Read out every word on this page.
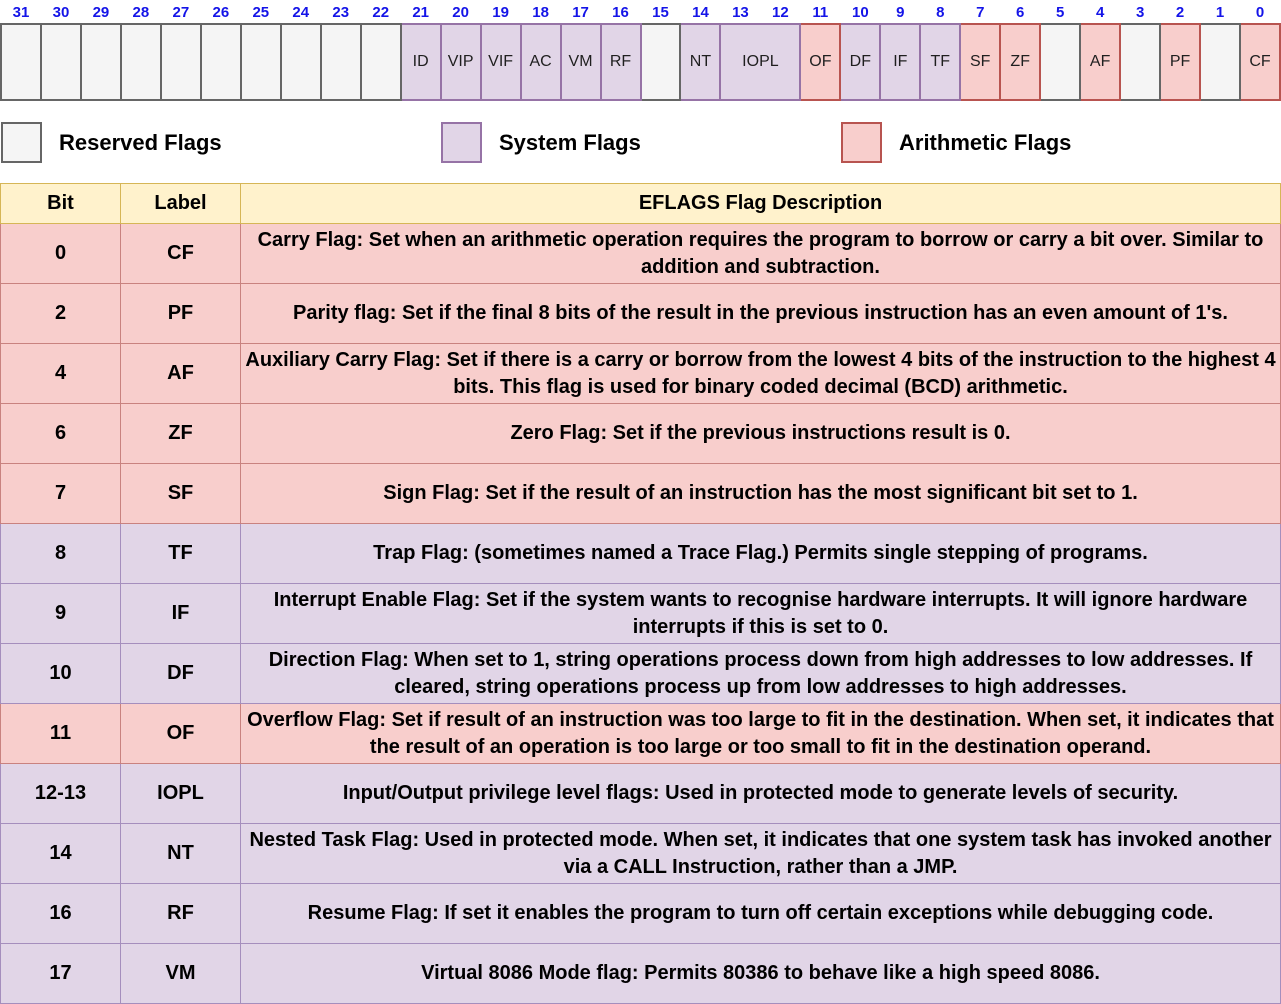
31	30	29	28	27	26	25	24	23	22	21	20	19	18	17	16	15	14	13	12	11	10	9	8	7	6	5	4	3	2	1	0
										ID	VIP	VIF	AC	VM	RF		NT	IOPL		OF	DF	IF	TF	SF	ZF		AF		PF		CF
Reserved Flags	System Flags	Arithmetic Flags
Bit	Label	EFLAGS Flag Description
0	CF	Carry Flag: Set when an arithmetic operation requires the program to borrow or carry a bit over. Similar to addition and subtraction.
2	PF	Parity flag: Set if the final 8 bits of the result in the previous instruction has an even amount of 1's.
4	AF	Auxiliary Carry Flag: Set if there is a carry or borrow from the lowest 4 bits of the instruction to the highest 4 bits. This flag is used for binary coded decimal (BCD) arithmetic.
6	ZF	Zero Flag: Set if the previous instructions result is 0.
7	SF	Sign Flag: Set if the result of an instruction has the most significant bit set to 1.
8	TF	Trap Flag: (sometimes named a Trace Flag.) Permits single stepping of programs.
9	IF	Interrupt Enable Flag: Set if the system wants to recognise hardware interrupts. It will ignore hardware interrupts if this is set to 0.
10	DF	Direction Flag: When set to 1, string operations process down from high addresses to low addresses. If cleared, string operations process up from low addresses to high addresses.
11	OF	Overflow Flag: Set if result of an instruction was too large to fit in the destination. When set, it indicates that the result of an operation is too large or too small to fit in the destination operand.
12-13	IOPL	Input/Output privilege level flags: Used in protected mode to generate levels of security.
14	NT	Nested Task Flag: Used in protected mode. When set, it indicates that one system task has invoked another via a CALL Instruction, rather than a JMP.
16	RF	Resume Flag: If set it enables the program to turn off certain exceptions while debugging code.
17	VM	Virtual 8086 Mode flag: Permits 80386 to behave like a high speed 8086.
